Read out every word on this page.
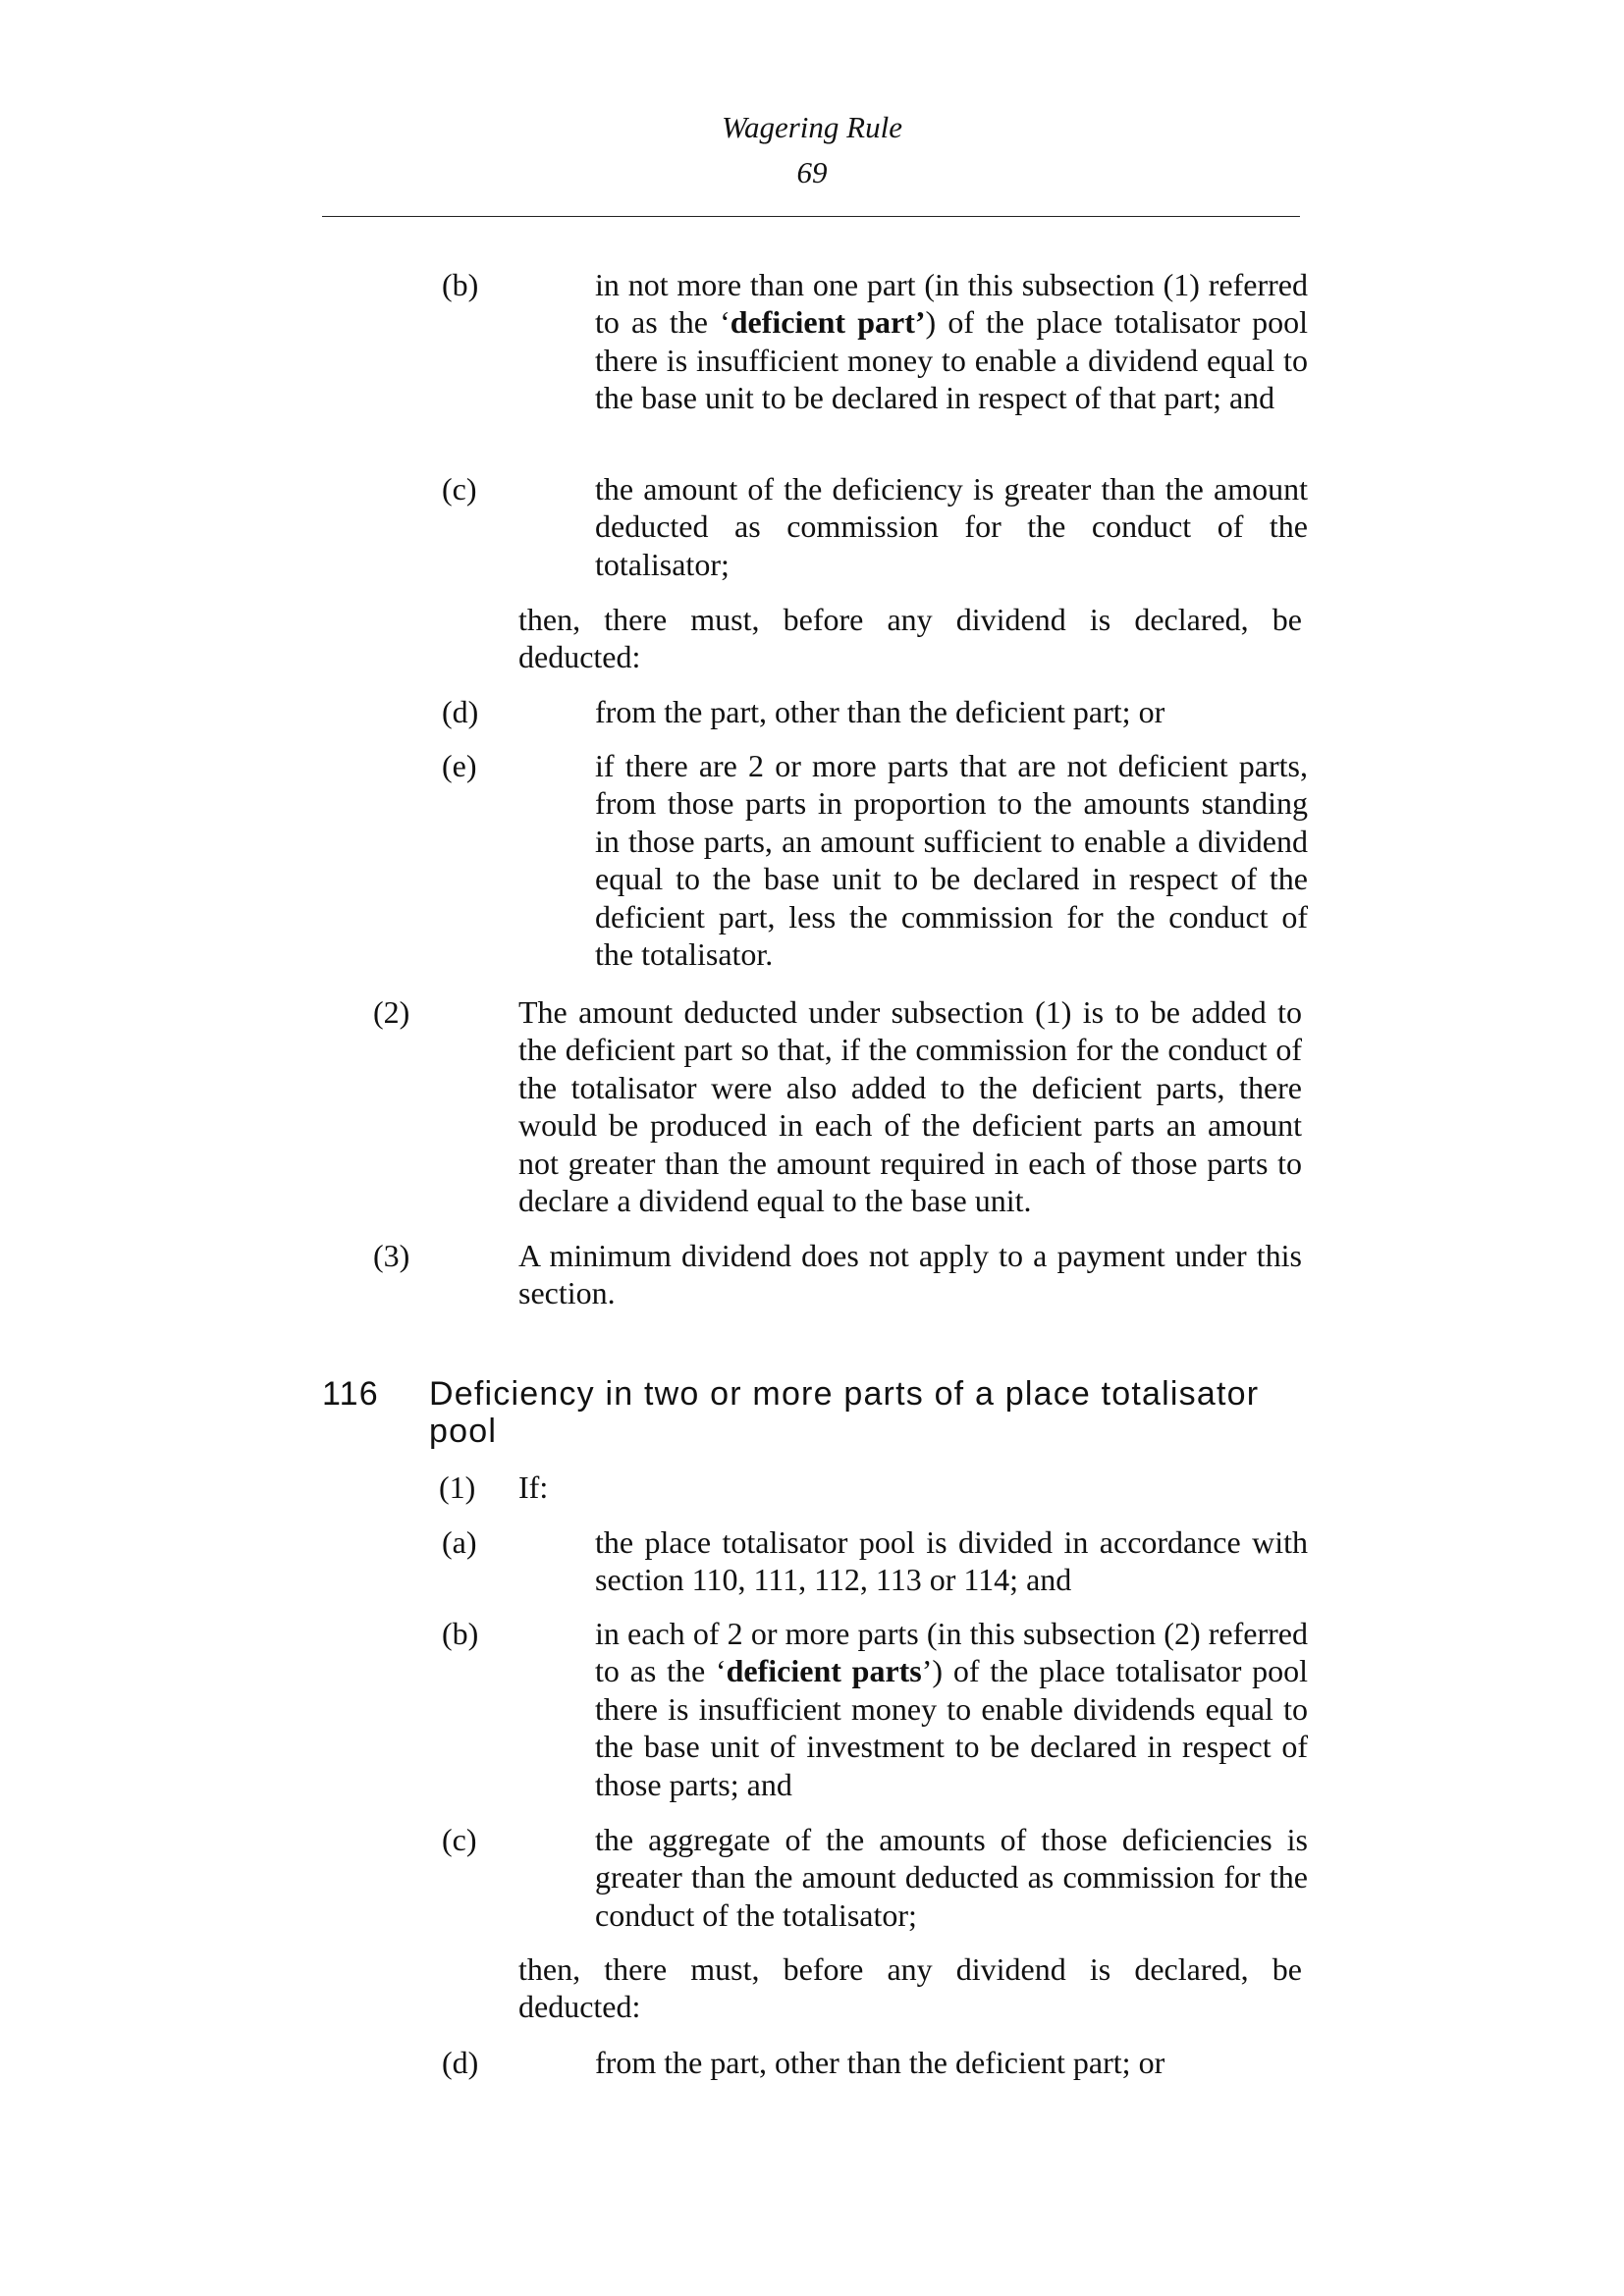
Wagering Rule
69
(b)	in not more than one part (in this subsection (1) referred to as the ‘deficient part’) of the place totalisator pool there is insufficient money to enable a dividend equal to the base unit to be declared in respect of that part; and
(c)	the amount of the deficiency is greater than the amount deducted as commission for the conduct of the totalisator;
then, there must, before any dividend is declared, be deducted:
(d)	from the part, other than the deficient part; or
(e)	if there are 2 or more parts that are not deficient parts, from those parts in proportion to the amounts standing in those parts, an amount sufficient to enable a dividend equal to the base unit to be declared in respect of the deficient part, less the commission for the conduct of the totalisator.
(2)	The amount deducted under subsection (1) is to be added to the deficient part so that, if the commission for the conduct of the totalisator were also added to the deficient parts, there would be produced in each of the deficient parts an amount not greater than the amount required in each of those parts to declare a dividend equal to the base unit.
(3)	A minimum dividend does not apply to a payment under this section.
116 Deficiency in two or more parts of a place totalisator pool
(1) If:
(a)	the place totalisator pool is divided in accordance with section 110, 111, 112, 113 or 114; and
(b)	in each of 2 or more parts (in this subsection (2) referred to as the ‘deficient parts’) of the place totalisator pool there is insufficient money to enable dividends equal to the base unit of investment to be declared in respect of those parts; and
(c)	the aggregate of the amounts of those deficiencies is greater than the amount deducted as commission for the conduct of the totalisator;
then, there must, before any dividend is declared, be deducted:
(d)	from the part, other than the deficient part; or
